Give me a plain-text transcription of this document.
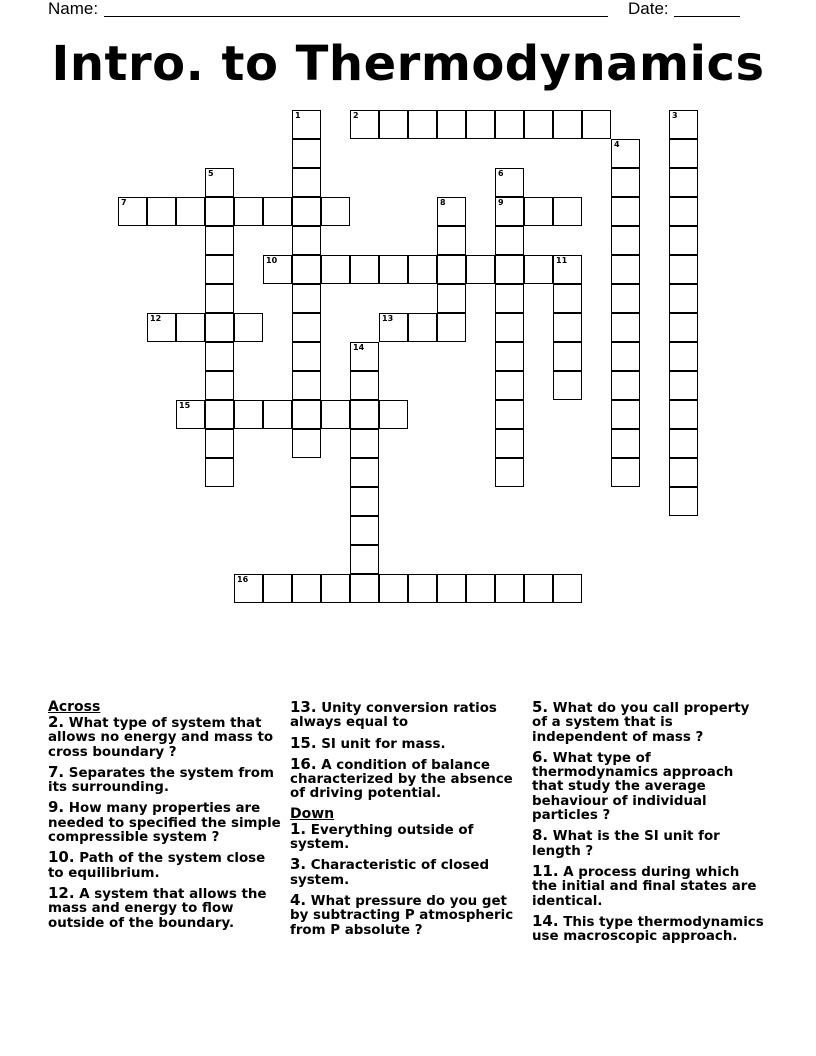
Name:	Date:
Intro. to Thermodynamics
1	2	3
4
5	6
7	8	9
10	11
12	13
14
15
16
Across
2. What type of system that allows no energy and mass to cross boundary ?
7. Separates the system from its surrounding.
9. How many properties are needed to specified the simple compressible system ?
10. Path of the system close to equilibrium.
12. A system that allows the mass and energy to flow outside of the boundary.
13. Unity conversion ratios always equal to
15. SI unit for mass.
16. A condition of balance characterized by the absence of driving potential.
Down
1. Everything outside of system.
3. Characteristic of closed system.
4. What pressure do you get by subtracting P atmospheric from P absolute ?
5. What do you call property of a system that is independent of mass ?
6. What type of thermodynamics approach that study the average behaviour of individual particles ?
8. What is the SI unit for length ?
11. A process during which the initial and final states are identical.
14. This type thermodynamics use macroscopic approach.
